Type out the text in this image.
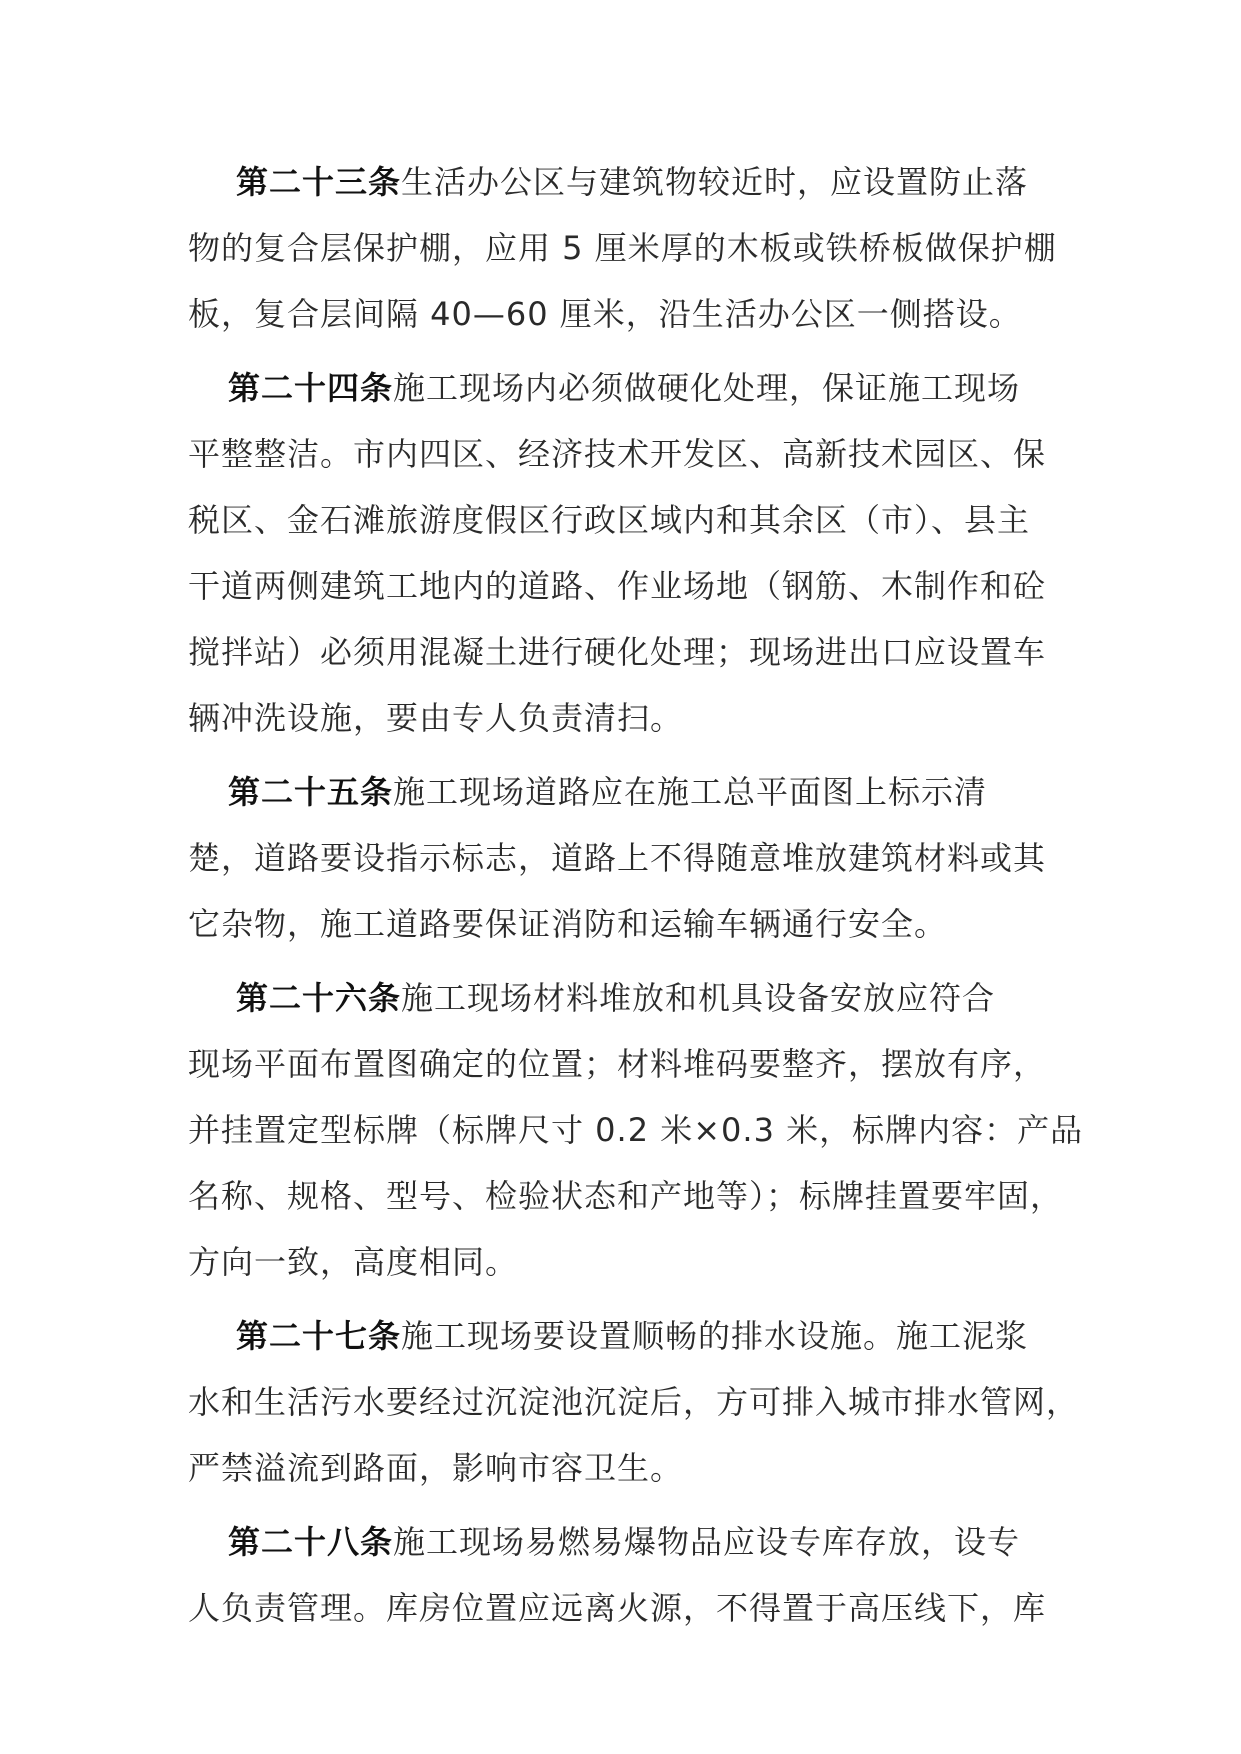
第二十三条生活办公区与建筑物较近时，应设置防止落
物的复合层保护棚，应用 5 厘米厚的木板或铁桥板做保护棚
板，复合层间隔 40—60 厘米，沿生活办公区一侧搭设。
第二十四条施工现场内必须做硬化处理，保证施工现场
平整整洁。市内四区、经济技术开发区、高新技术园区、保
税区、金石滩旅游度假区行政区域内和其余区（市）、县主
干道两侧建筑工地内的道路、作业场地（钢筋、木制作和砼
搅拌站）必须用混凝土进行硬化处理；现场进出口应设置车
辆冲洗设施，要由专人负责清扫。
第二十五条施工现场道路应在施工总平面图上标示清
楚，道路要设指示标志，道路上不得随意堆放建筑材料或其
它杂物，施工道路要保证消防和运输车辆通行安全。
第二十六条施工现场材料堆放和机具设备安放应符合
现场平面布置图确定的位置；材料堆码要整齐，摆放有序，
并挂置定型标牌（标牌尺寸 0.2 米×0.3 米，标牌内容：产品
名称、规格、型号、检验状态和产地等）；标牌挂置要牢固，
方向一致，高度相同。
第二十七条施工现场要设置顺畅的排水设施。施工泥浆
水和生活污水要经过沉淀池沉淀后，方可排入城市排水管网，
严禁溢流到路面，影响市容卫生。
第二十八条施工现场易燃易爆物品应设专库存放，设专
人负责管理。库房位置应远离火源，不得置于高压线下，库
